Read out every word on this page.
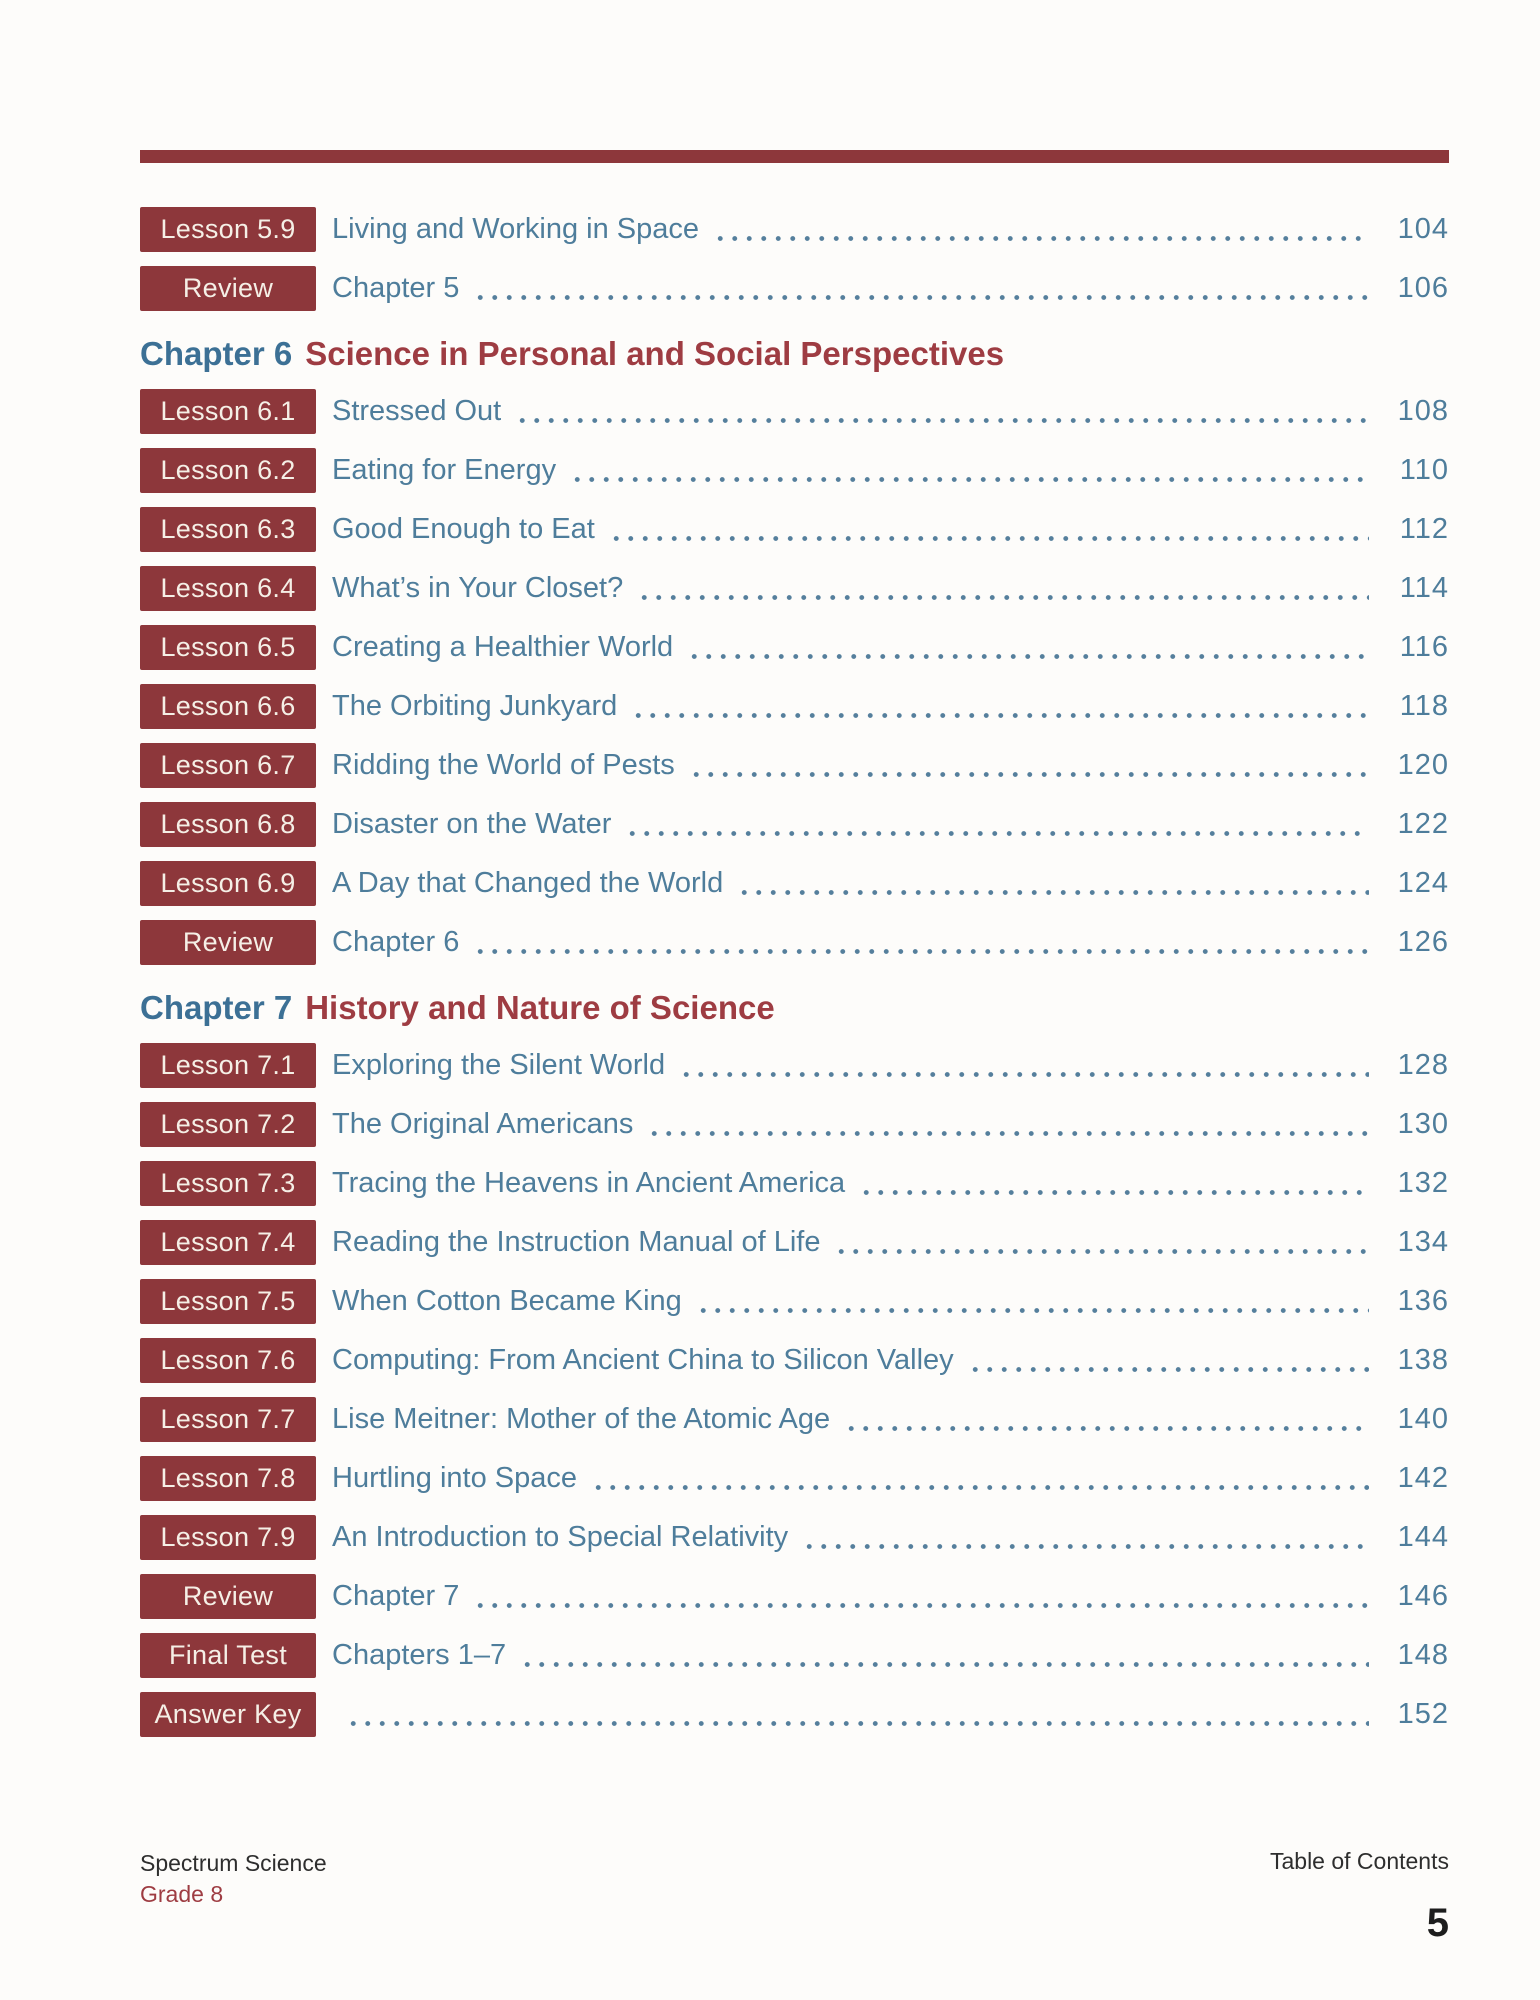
Lesson 5.9	Living and Working in Space	104
Review	Chapter 5	106
Chapter 6 Science in Personal and Social Perspectives
Lesson 6.1	Stressed Out	108
Lesson 6.2	Eating for Energy	110
Lesson 6.3	Good Enough to Eat	112
Lesson 6.4	What’s in Your Closet?	114
Lesson 6.5	Creating a Healthier World	116
Lesson 6.6	The Orbiting Junkyard	118
Lesson 6.7	Ridding the World of Pests	120
Lesson 6.8	Disaster on the Water	122
Lesson 6.9	A Day that Changed the World	124
Review	Chapter 6	126
Chapter 7 History and Nature of Science
Lesson 7.1	Exploring the Silent World	128
Lesson 7.2	The Original Americans	130
Lesson 7.3	Tracing the Heavens in Ancient America	132
Lesson 7.4	Reading the Instruction Manual of Life	134
Lesson 7.5	When Cotton Became King	136
Lesson 7.6	Computing: From Ancient China to Silicon Valley	138
Lesson 7.7	Lise Meitner: Mother of the Atomic Age	140
Lesson 7.8	Hurtling into Space	142
Lesson 7.9	An Introduction to Special Relativity	144
Review	Chapter 7	146
Final Test	Chapters 1–7	148
Answer Key	152
Spectrum Science
Grade 8
Table of Contents
5
